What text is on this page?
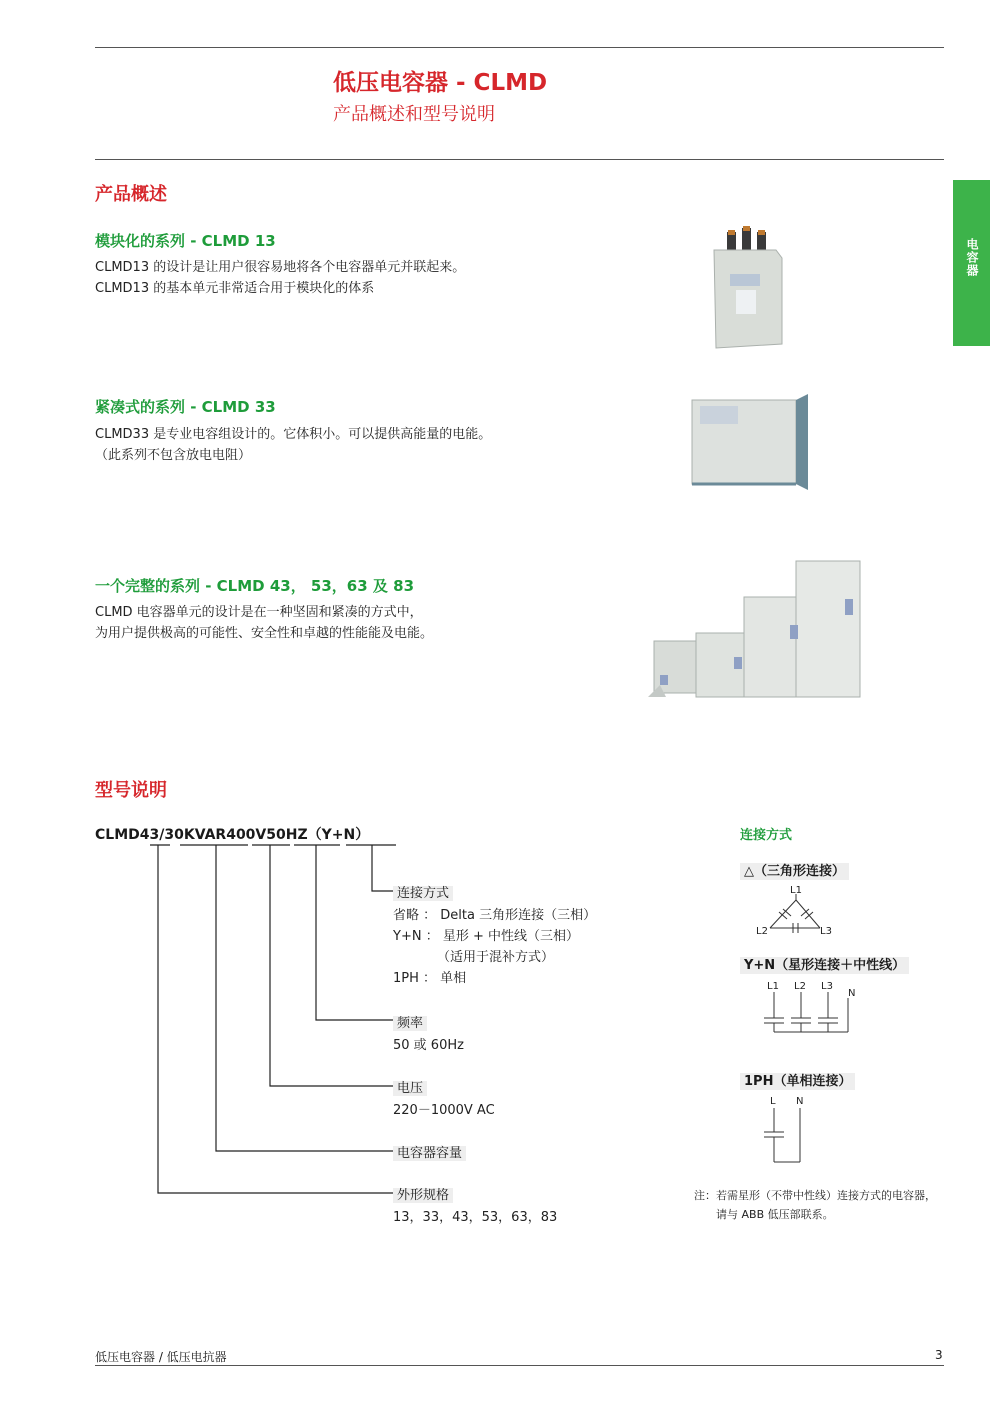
低压电容器 - CLMD
产品概述和型号说明
电容器
产品概述
模块化的系列 - CLMD 13
CLMD13 的设计是让用户很容易地将各个电容器单元并联起来。
CLMD13 的基本单元非常适合用于模块化的体系
紧凑式的系列 - CLMD 33
CLMD33 是专业电容组设计的。它体积小。可以提供高能量的电能。
（此系列不包含放电电阻）
一个完整的系列 - CLMD 43， 53，63 及 83
CLMD 电容器单元的设计是在一种坚固和紧凑的方式中，
为用户提供极高的可能性、安全性和卓越的性能能及电能。
型号说明
CLMD43/30KVAR400V50HZ（Y+N）
连接方式
省略 ： Delta 三角形连接（三相）
Y+N ： 星形 + 中性线（三相）
（适用于混补方式）
1PH ： 单相
频率
50 或 60Hz
电压
220－1000V AC
电容器容量
外形规格
13，33，43，53，63，83
连接方式
△（三角形连接）
L1
L2	L3
Y+N（星形连接＋中性线）
L1 L2 L3
N
1PH（单相连接）
L N
注：若需星形（不带中性线）连接方式的电容器，
请与 ABB 低压部联系。
低压电容器 / 低压电抗器	3
